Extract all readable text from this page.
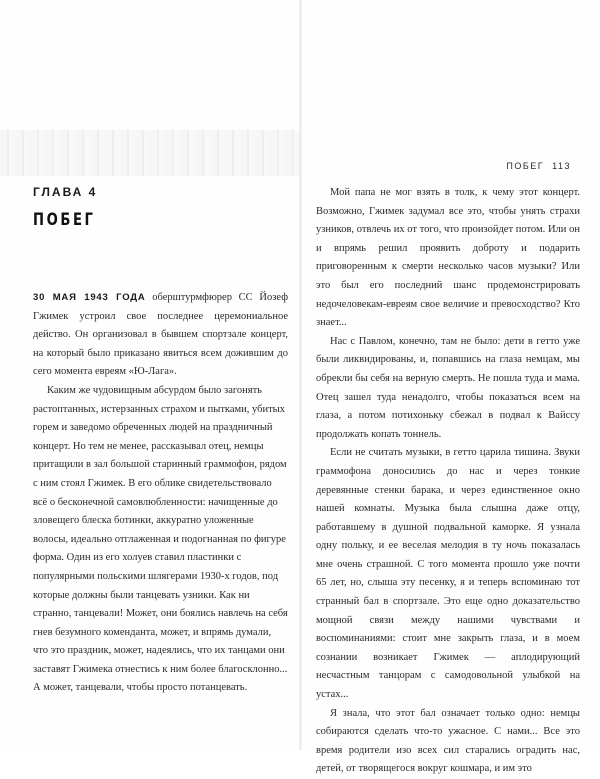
ГЛАВА 4
ПОБЕГ

30 МАЯ 1943 ГОДА оберштурмфюрер СС Йозеф Гжимек устроил свое последнее церемониальное действо. Он организовал в бывшем спортзале концерт, на который было приказано явиться всем дожившим до сего момента евреям «Ю-Лага».

Каким же чудовищным абсурдом было загонять растоптанных, истерзанных страхом и пытками, убитых горем и заведомо обреченных людей на праздничный концерт. Но тем не менее, рассказывал отец, немцы притащили в зал большой старинный граммофон, рядом с ним стоял Гжимек. В его облике свидетельствовало всё о бесконечной самовлюбленности: начищенные до зловещего блеска ботинки, аккуратно уложенные волосы, идеально отглаженная и подогнанная по фигуре форма. Один из его холуев ставил пластинки с популярными польскими шлягерами 1930-х годов, под которые должны были танцевать узники. Как ни странно, танцевали! Может, они боялись навлечь на себя гнев безумного коменданта, может, и впрямь думали, что это праздник, может, надеялись, что их танцами они заставят Гжимека отнестись к ним более благосклонно... А может, танцевали, чтобы просто потанцевать.

ПОБЕГ 113

Мой папа не мог взять в толк, к чему этот концерт. Возможно, Гжимек задумал все это, чтобы унять страхи узников, отвлечь их от того, что произойдет потом. Или он и впрямь решил проявить доброту и подарить приговоренным к смерти несколько часов музыки? Или это был его последний шанс продемонстрировать недочеловекам-евреям свое величие и превосходство? Кто знает...

Нас с Павлом, конечно, там не было: дети в гетто уже были ликвидированы, и, попавшись на глаза немцам, мы обрекли бы себя на верную смерть. Не пошла туда и мама. Отец зашел туда ненадолго, чтобы показаться всем на глаза, а потом потихоньку сбежал в подвал к Вайссу продолжать копать тоннель.

Если не считать музыки, в гетто царила тишина. Звуки граммофона доносились до нас и через тонкие деревянные стенки барака, и через единственное окно нашей комнаты. Музыка была слышна даже отцу, работавшему в душной подвальной каморке. Я узнала одну польку, и ее веселая мелодия в ту ночь показалась мне очень страшной. С того момента прошло уже почти 65 лет, но, слыша эту песенку, я и теперь вспоминаю тот странный бал в спортзале. Это еще одно доказательство мощной связи между нашими чувствами и воспоминаниями: стоит мне закрыть глаза, и в моем сознании возникает Гжимек — аплодирующий несчастным танцорам с самодовольной улыбкой на устах...

Я знала, что этот бал означает только одно: немцы собираются сделать что-то ужасное. С нами... Все это время родители изо всех сил старались оградить нас, детей, от творящегося вокруг кошмара, и им это
